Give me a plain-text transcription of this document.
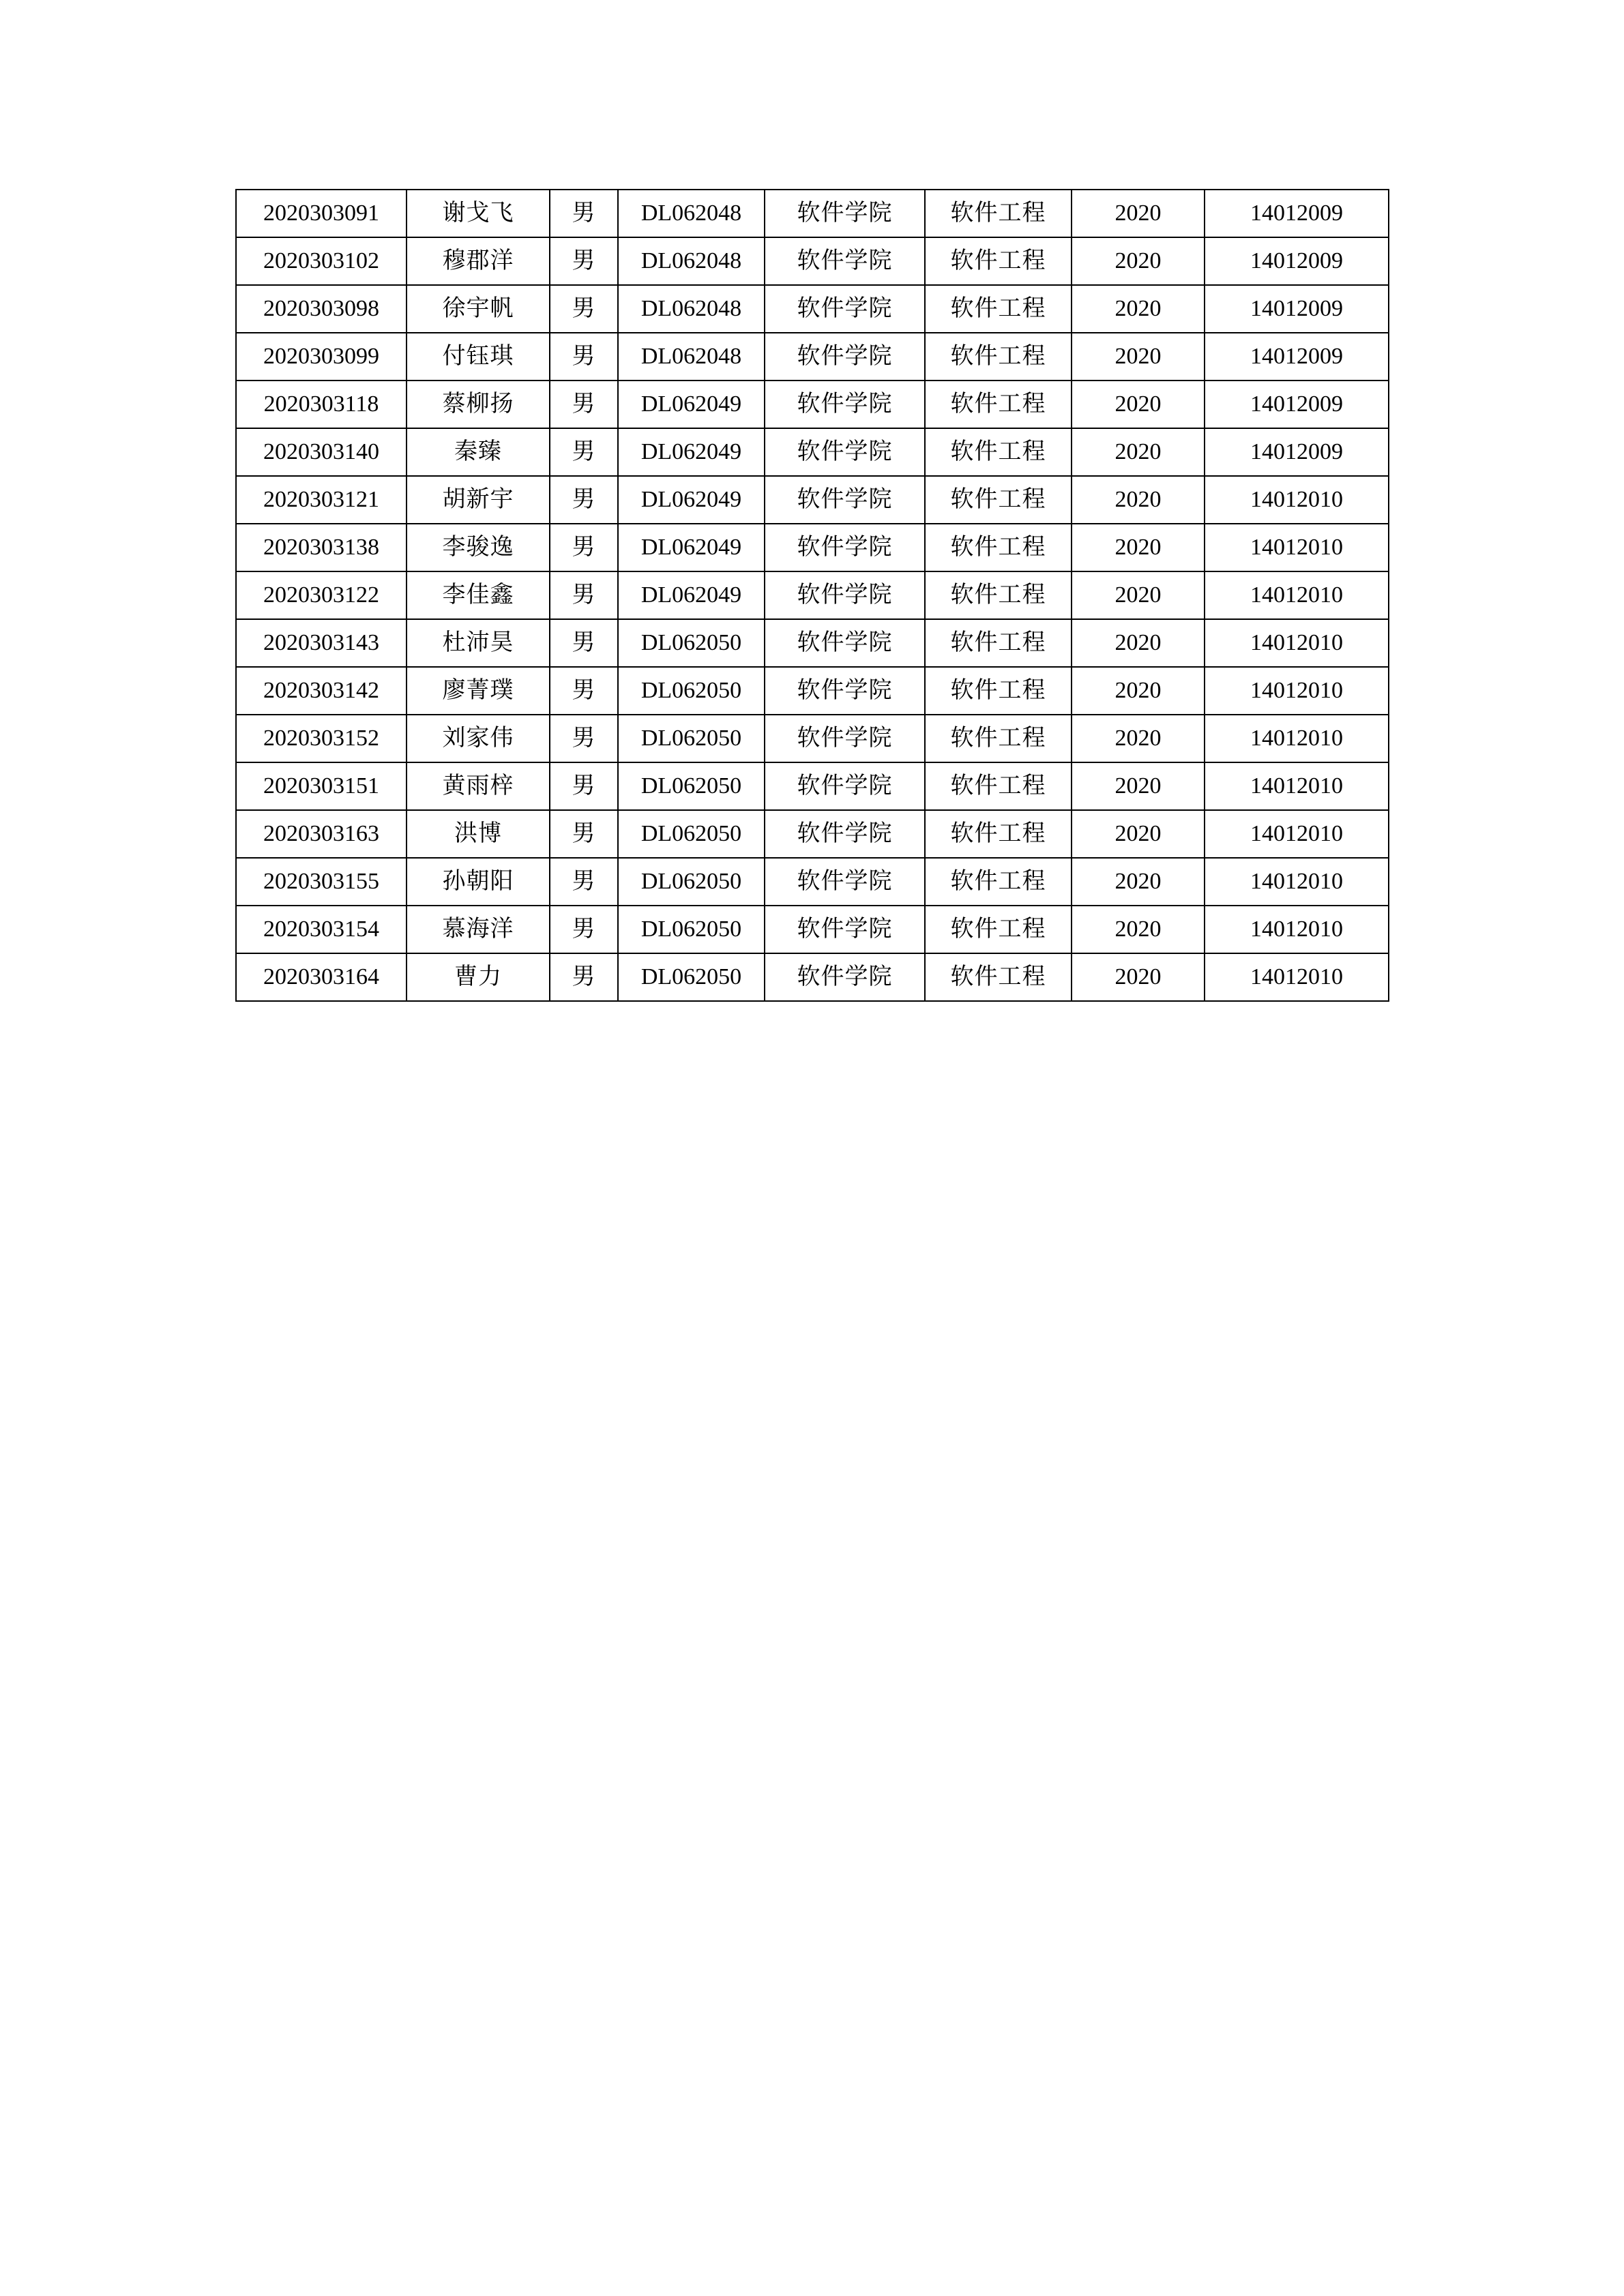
2020303091	谢戈飞	男	DL062048	软件学院	软件工程	2020	14012009
2020303102	穆郡洋	男	DL062048	软件学院	软件工程	2020	14012009
2020303098	徐宇帆	男	DL062048	软件学院	软件工程	2020	14012009
2020303099	付钰琪	男	DL062048	软件学院	软件工程	2020	14012009
2020303118	蔡柳扬	男	DL062049	软件学院	软件工程	2020	14012009
2020303140	秦臻	男	DL062049	软件学院	软件工程	2020	14012009
2020303121	胡新宇	男	DL062049	软件学院	软件工程	2020	14012010
2020303138	李骏逸	男	DL062049	软件学院	软件工程	2020	14012010
2020303122	李佳鑫	男	DL062049	软件学院	软件工程	2020	14012010
2020303143	杜沛昊	男	DL062050	软件学院	软件工程	2020	14012010
2020303142	廖菁璞	男	DL062050	软件学院	软件工程	2020	14012010
2020303152	刘家伟	男	DL062050	软件学院	软件工程	2020	14012010
2020303151	黄雨梓	男	DL062050	软件学院	软件工程	2020	14012010
2020303163	洪博	男	DL062050	软件学院	软件工程	2020	14012010
2020303155	孙朝阳	男	DL062050	软件学院	软件工程	2020	14012010
2020303154	慕海洋	男	DL062050	软件学院	软件工程	2020	14012010
2020303164	曹力	男	DL062050	软件学院	软件工程	2020	14012010
